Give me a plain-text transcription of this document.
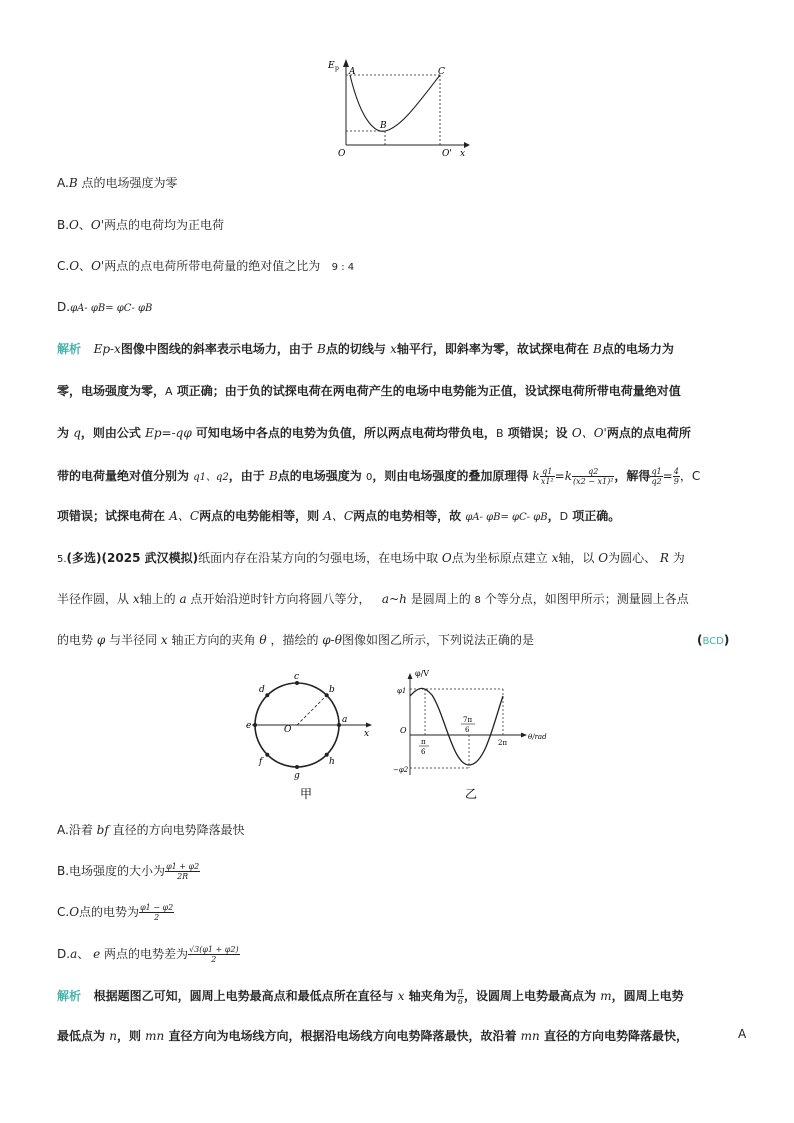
E p A
B
C
O	O' x
A.B 点的电场强度为零
B.O、O'两点的电荷均为正电荷
C.O、O'两点的点电荷所带电荷量的绝对值之比为 9 : 4
D.φA- φB= φC- φB
解析 Ep-x图像中图线的斜率表示电场力，由于 B点的切线与 x轴平行，即斜率为零，故试探电荷在 B点的电场力为
零，电场强度为零，A 项正确；由于负的试探电荷在两电荷产生的电场中电势能为正值，设试探电荷所带电荷量绝对值
为 q，则由公式 Ep=-qφ 可知电场中各点的电势为负值，所以两点电荷均带负电，B 项错误；设 O、O'两点的点电荷所
带的电荷量绝对值分别为 q1、q2，由于 B点的电场强度为 0，则由电场强度的叠加原理得 k $\frac{q1}{\text{x1²}} =k \frac{q2}{\text{(x2 − x1)²}}$ ，解得 $\frac{q1}{q2} = \frac{4}{9}$ ，C
项错误；试探电荷在 A、C两点的电势能相等，则 A、C两点的电势相等，故 φA- φB= φC- φB，D 项正确。
5.(多选)(2025 武汉模拟)纸面内存在沿某方向的匀强电场，在电场中取 O点为坐标原点建立 x轴，以 O为圆心、 R 为
半径作圆，从 x轴上的 a 点开始沿逆时针方向将圆八等分， a~h 是圆周上的 8 个等分点，如图甲所示；测量圆上各点
的电势 φ 与半径同 x 轴正方向的夹角 θ ，描绘的 φ-θ图像如图乙所示，下列说法正确的是	(BCD)
a
b
c
d
e
f
g
h
O	x
甲
φ/V
φ1
−φ2
O
π
6
7π
6
2π
θ/rad
乙
A.沿着 bf 直径的方向电势降落最快
B.电场强度的大小为 $\frac{\varphi 1 + \varphi 2}{2R}$
C.O点的电势为 $\frac{\varphi 1 - \varphi 2}{2}$
D.a、 e 两点的电势差为 $\frac{√3(\varphi 1 + \varphi 2)}{2}$
解析 根据题图乙可知，圆周上电势最高点和最低点所在直径与 x 轴夹角为 $\frac{\pi}{6}$ ，设圆周上电势最高点为 m，圆周上电势
最低点为 n，则 mn 直径方向为电场线方向，根据沿电场线方向电势降落最快，故沿着 mn 直径的方向电势降落最快，	A
